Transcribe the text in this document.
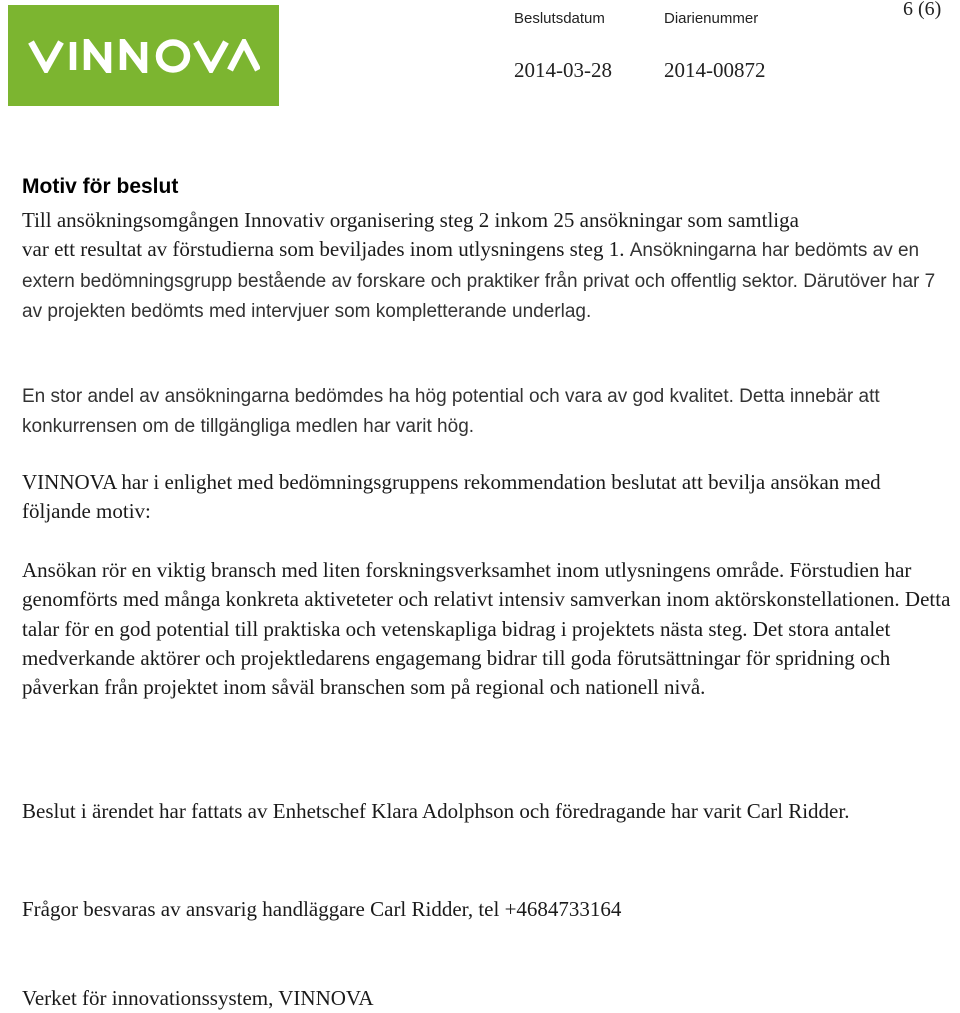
Beslutsdatum	Diarienummer	6 (6)
2014-03-28 2014-00872
Motiv för beslut
Till ansökningsomgången Innovativ organisering steg 2 inkom 25 ansökningar som samtliga
var ett resultat av förstudierna som beviljades inom utlysningens steg 1. Ansökningarna har bedömts av en extern bedömningsgrupp bestående av forskare och praktiker från privat och offentlig sektor. Därutöver har 7 av projekten bedömts med intervjuer som kompletterande underlag.
En stor andel av ansökningarna bedömdes ha hög potential och vara av god kvalitet. Detta innebär att konkurrensen om de tillgängliga medlen har varit hög.
VINNOVA har i enlighet med bedömningsgruppens rekommendation beslutat att bevilja ansökan med följande motiv:
Ansökan rör en viktig bransch med liten forskningsverksamhet inom utlysningens område. Förstudien har genomförts med många konkreta aktiveteter och relativt intensiv samverkan inom aktörskonstellationen. Detta talar för en god potential till praktiska och vetenskapliga bidrag i projektets nästa steg. Det stora antalet medverkande aktörer och projektledarens engagemang bidrar till goda förutsättningar för spridning och påverkan från projektet inom såväl branschen som på regional och nationell nivå.
Beslut i ärendet har fattats av Enhetschef Klara Adolphson och föredragande har varit Carl Ridder.
Frågor besvaras av ansvarig handläggare Carl Ridder, tel +4684733164
Verket för innovationssystem, VINNOVA
